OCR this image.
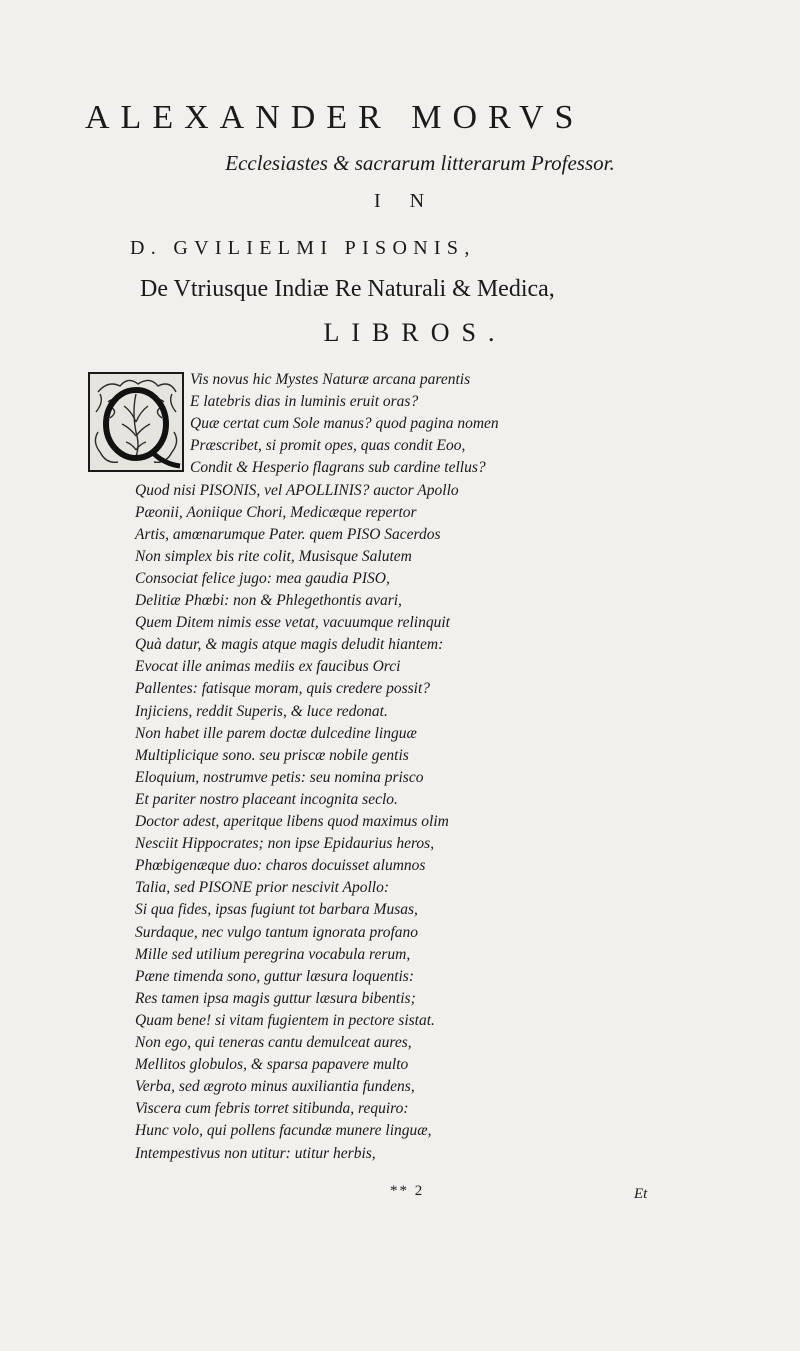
ALEXANDER MORVS
Ecclesiastes & sacrarum litterarum Professor.
I N
D. GVILIELMI PISONIS,
De Vtriusque Indiæ Re Naturali & Medica,
LIBROS.
Vis novus hic Mystes Naturæ arcana parentis
E latebris dias in luminis eruit oras?
Quæ certat cum Sole manus? quod pagina nomen
Præscribet, si promit opes, quas condit Eoo,
Condit & Hesperio flagrans sub cardine tellus?
Quod nisi PISONIS, vel APOLLINIS? auctor Apollo
Pæonii, Aoniique Chori, Medicæque repertor
Artis, amœnarumque Pater. quem PISO Sacerdos
Non simplex bis rite colit, Musisque Salutem
Consociat felice jugo: mea gaudia PISO,
Delitiæ Phœbi: non & Phlegethontis avari,
Quem Ditem nimis esse vetat, vacuumque relinquit
Quà datur, & magis atque magis deludit hiantem:
Evocat ille animas mediis ex faucibus Orci
Pallentes: fatisque moram, quis credere possit?
Injiciens, reddit Superis, & luce redonat.
Non habet ille parem doctæ dulcedine linguæ
Multiplicique sono. seu priscæ nobile gentis
Eloquium, nostrumve petis: seu nomina prisco
Et pariter nostro placeant incognita seclo.
Doctor adest, aperitque libens quod maximus olim
Nesciit Hippocrates; non ipse Epidaurius heros,
Phœbigenæque duo: charos docuisset alumnos
Talia, sed PISONE prior nescivit Apollo:
Si qua fides, ipsas fugiunt tot barbara Musas,
Surdaque, nec vulgo tantum ignorata profano
Mille sed utilium peregrina vocabula rerum,
Pæne timenda sono, guttur læsura loquentis:
Res tamen ipsa magis guttur læsura bibentis;
Quam bene! si vitam fugientem in pectore sistat.
Non ego, qui teneras cantu demulceat aures,
Mellitos globulos, & sparsa papavere multo
Verba, sed ægroto minus auxiliantia fundens,
Viscera cum febris torret sitibunda, requiro:
Hunc volo, qui pollens facundæ munere linguæ,
Intempestivus non utitur: utitur herbis,
** 2	Et
